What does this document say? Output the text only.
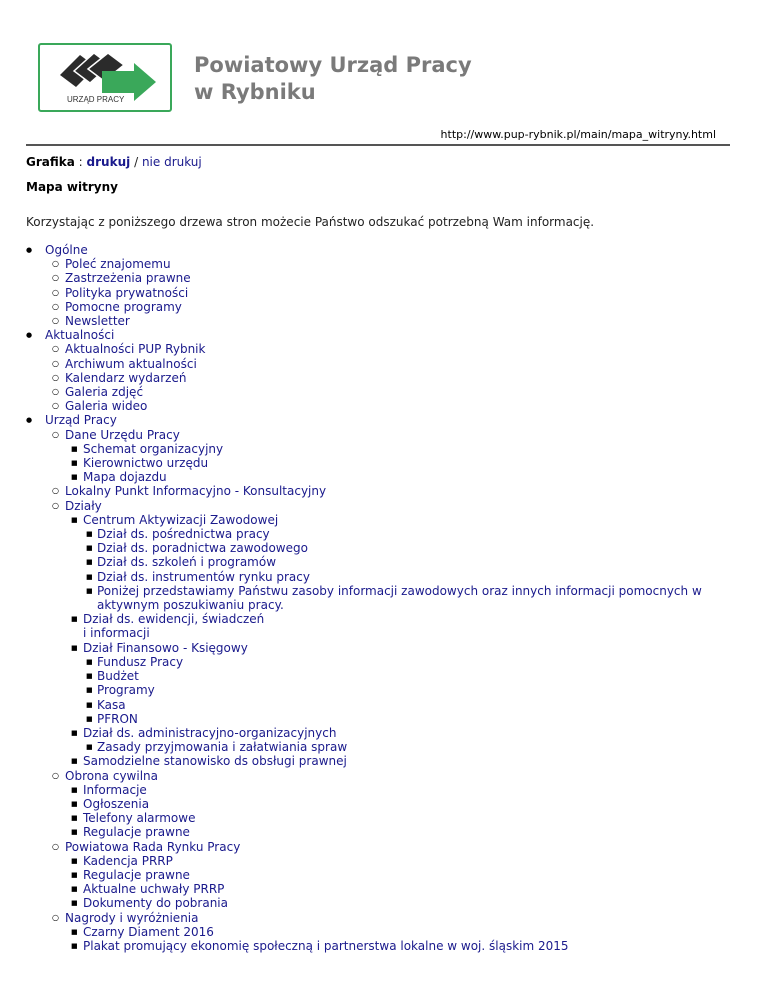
URZĄD PRACY
Powiatowy Urząd Pracy
w Rybniku
http://www.pup-rybnik.pl/main/mapa_witryny.html
Grafika : drukuj / nie drukuj
Mapa witryny
Korzystając z poniższego drzewa stron możecie Państwo odszukać potrzebną Wam informację.
● Ogólne
○ Poleć znajomemu
○ Zastrzeżenia prawne
○ Polityka prywatności
○ Pomocne programy
○ Newsletter
● Aktualności
○ Aktualności PUP Rybnik
○ Archiwum aktualności
○ Kalendarz wydarzeń
○ Galeria zdjęć
○ Galeria wideo
● Urząd Pracy
○ Dane Urzędu Pracy
■ Schemat organizacyjny
■ Kierownictwo urzędu
■ Mapa dojazdu
○ Lokalny Punkt Informacyjno - Konsultacyjny
○ Działy
■ Centrum Aktywizacji Zawodowej
■ Dział ds. pośrednictwa pracy
■ Dział ds. poradnictwa zawodowego
■ Dział ds. szkoleń i programów
■ Dział ds. instrumentów rynku pracy
■ Poniżej przedstawiamy Państwu zasoby informacji zawodowych oraz innych informacji pomocnych w aktywnym poszukiwaniu pracy.
■ Dział ds. ewidencji, świadczeń
i informacji
■ Dział Finansowo - Księgowy
■ Fundusz Pracy
■ Budżet
■ Programy
■ Kasa
■ PFRON
■ Dział ds. administracyjno-organizacyjnych
■ Zasady przyjmowania i załatwiania spraw
■ Samodzielne stanowisko ds obsługi prawnej
○ Obrona cywilna
■ Informacje
■ Ogłoszenia
■ Telefony alarmowe
■ Regulacje prawne
○ Powiatowa Rada Rynku Pracy
■ Kadencja PRRP
■ Regulacje prawne
■ Aktualne uchwały PRRP
■ Dokumenty do pobrania
○ Nagrody i wyróżnienia
■ Czarny Diament 2016
■ Plakat promujący ekonomię społeczną i partnerstwa lokalne w woj. śląskim 2015
